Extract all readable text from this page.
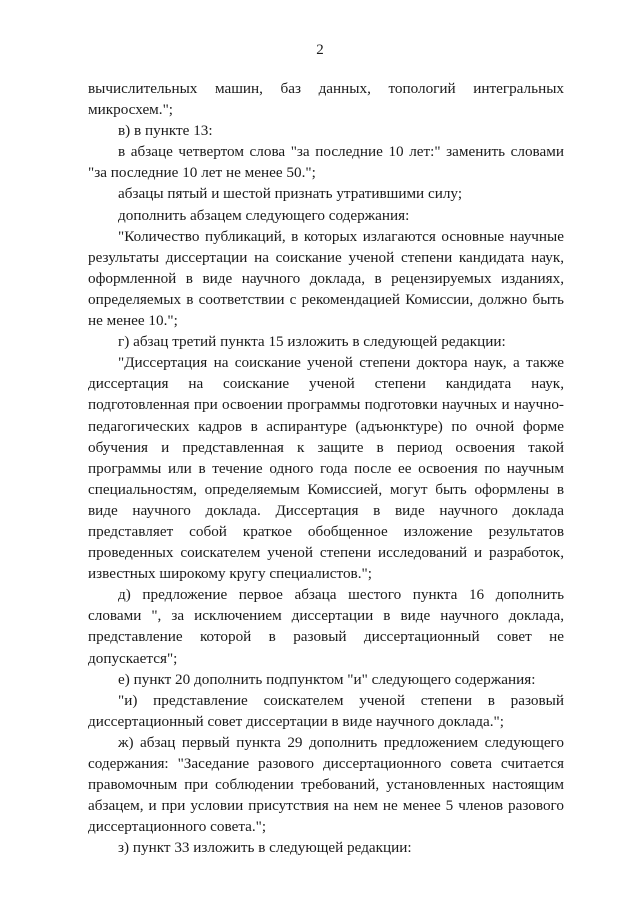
2

вычислительных машин, баз данных, топологий интегральных микросхем.";

в) в пункте 13:

в абзаце четвертом слова "за последние 10 лет:" заменить словами "за последние 10 лет не менее 50.";

абзацы пятый и шестой признать утратившими силу;

дополнить абзацем следующего содержания:

"Количество публикаций, в которых излагаются основные научные результаты диссертации на соискание ученой степени кандидата наук, оформленной в виде научного доклада, в рецензируемых изданиях, определяемых в соответствии с рекомендацией Комиссии, должно быть не менее 10.";

г) абзац третий пункта 15 изложить в следующей редакции:

"Диссертация на соискание ученой степени доктора наук, а также диссертация на соискание ученой степени кандидата наук, подготовленная при освоении программы подготовки научных и научно-педагогических кадров в аспирантуре (адъюнктуре) по очной форме обучения и представленная к защите в период освоения такой программы или в течение одного года после ее освоения по научным специальностям, определяемым Комиссией, могут быть оформлены в виде научного доклада. Диссертация в виде научного доклада представляет собой краткое обобщенное изложение результатов проведенных соискателем ученой степени исследований и разработок, известных широкому кругу специалистов.";

д) предложение первое абзаца шестого пункта 16 дополнить словами ", за исключением диссертации в виде научного доклада, представление которой в разовый диссертационный совет не допускается";

е) пункт 20 дополнить подпунктом "и" следующего содержания:

"и) представление соискателем ученой степени в разовый диссертационный совет диссертации в виде научного доклада.";

ж) абзац первый пункта 29 дополнить предложением следующего содержания: "Заседание разового диссертационного совета считается правомочным при соблюдении требований, установленных настоящим абзацем, и при условии присутствия на нем не менее 5 членов разового диссертационного совета.";

з) пункт 33 изложить в следующей редакции:
